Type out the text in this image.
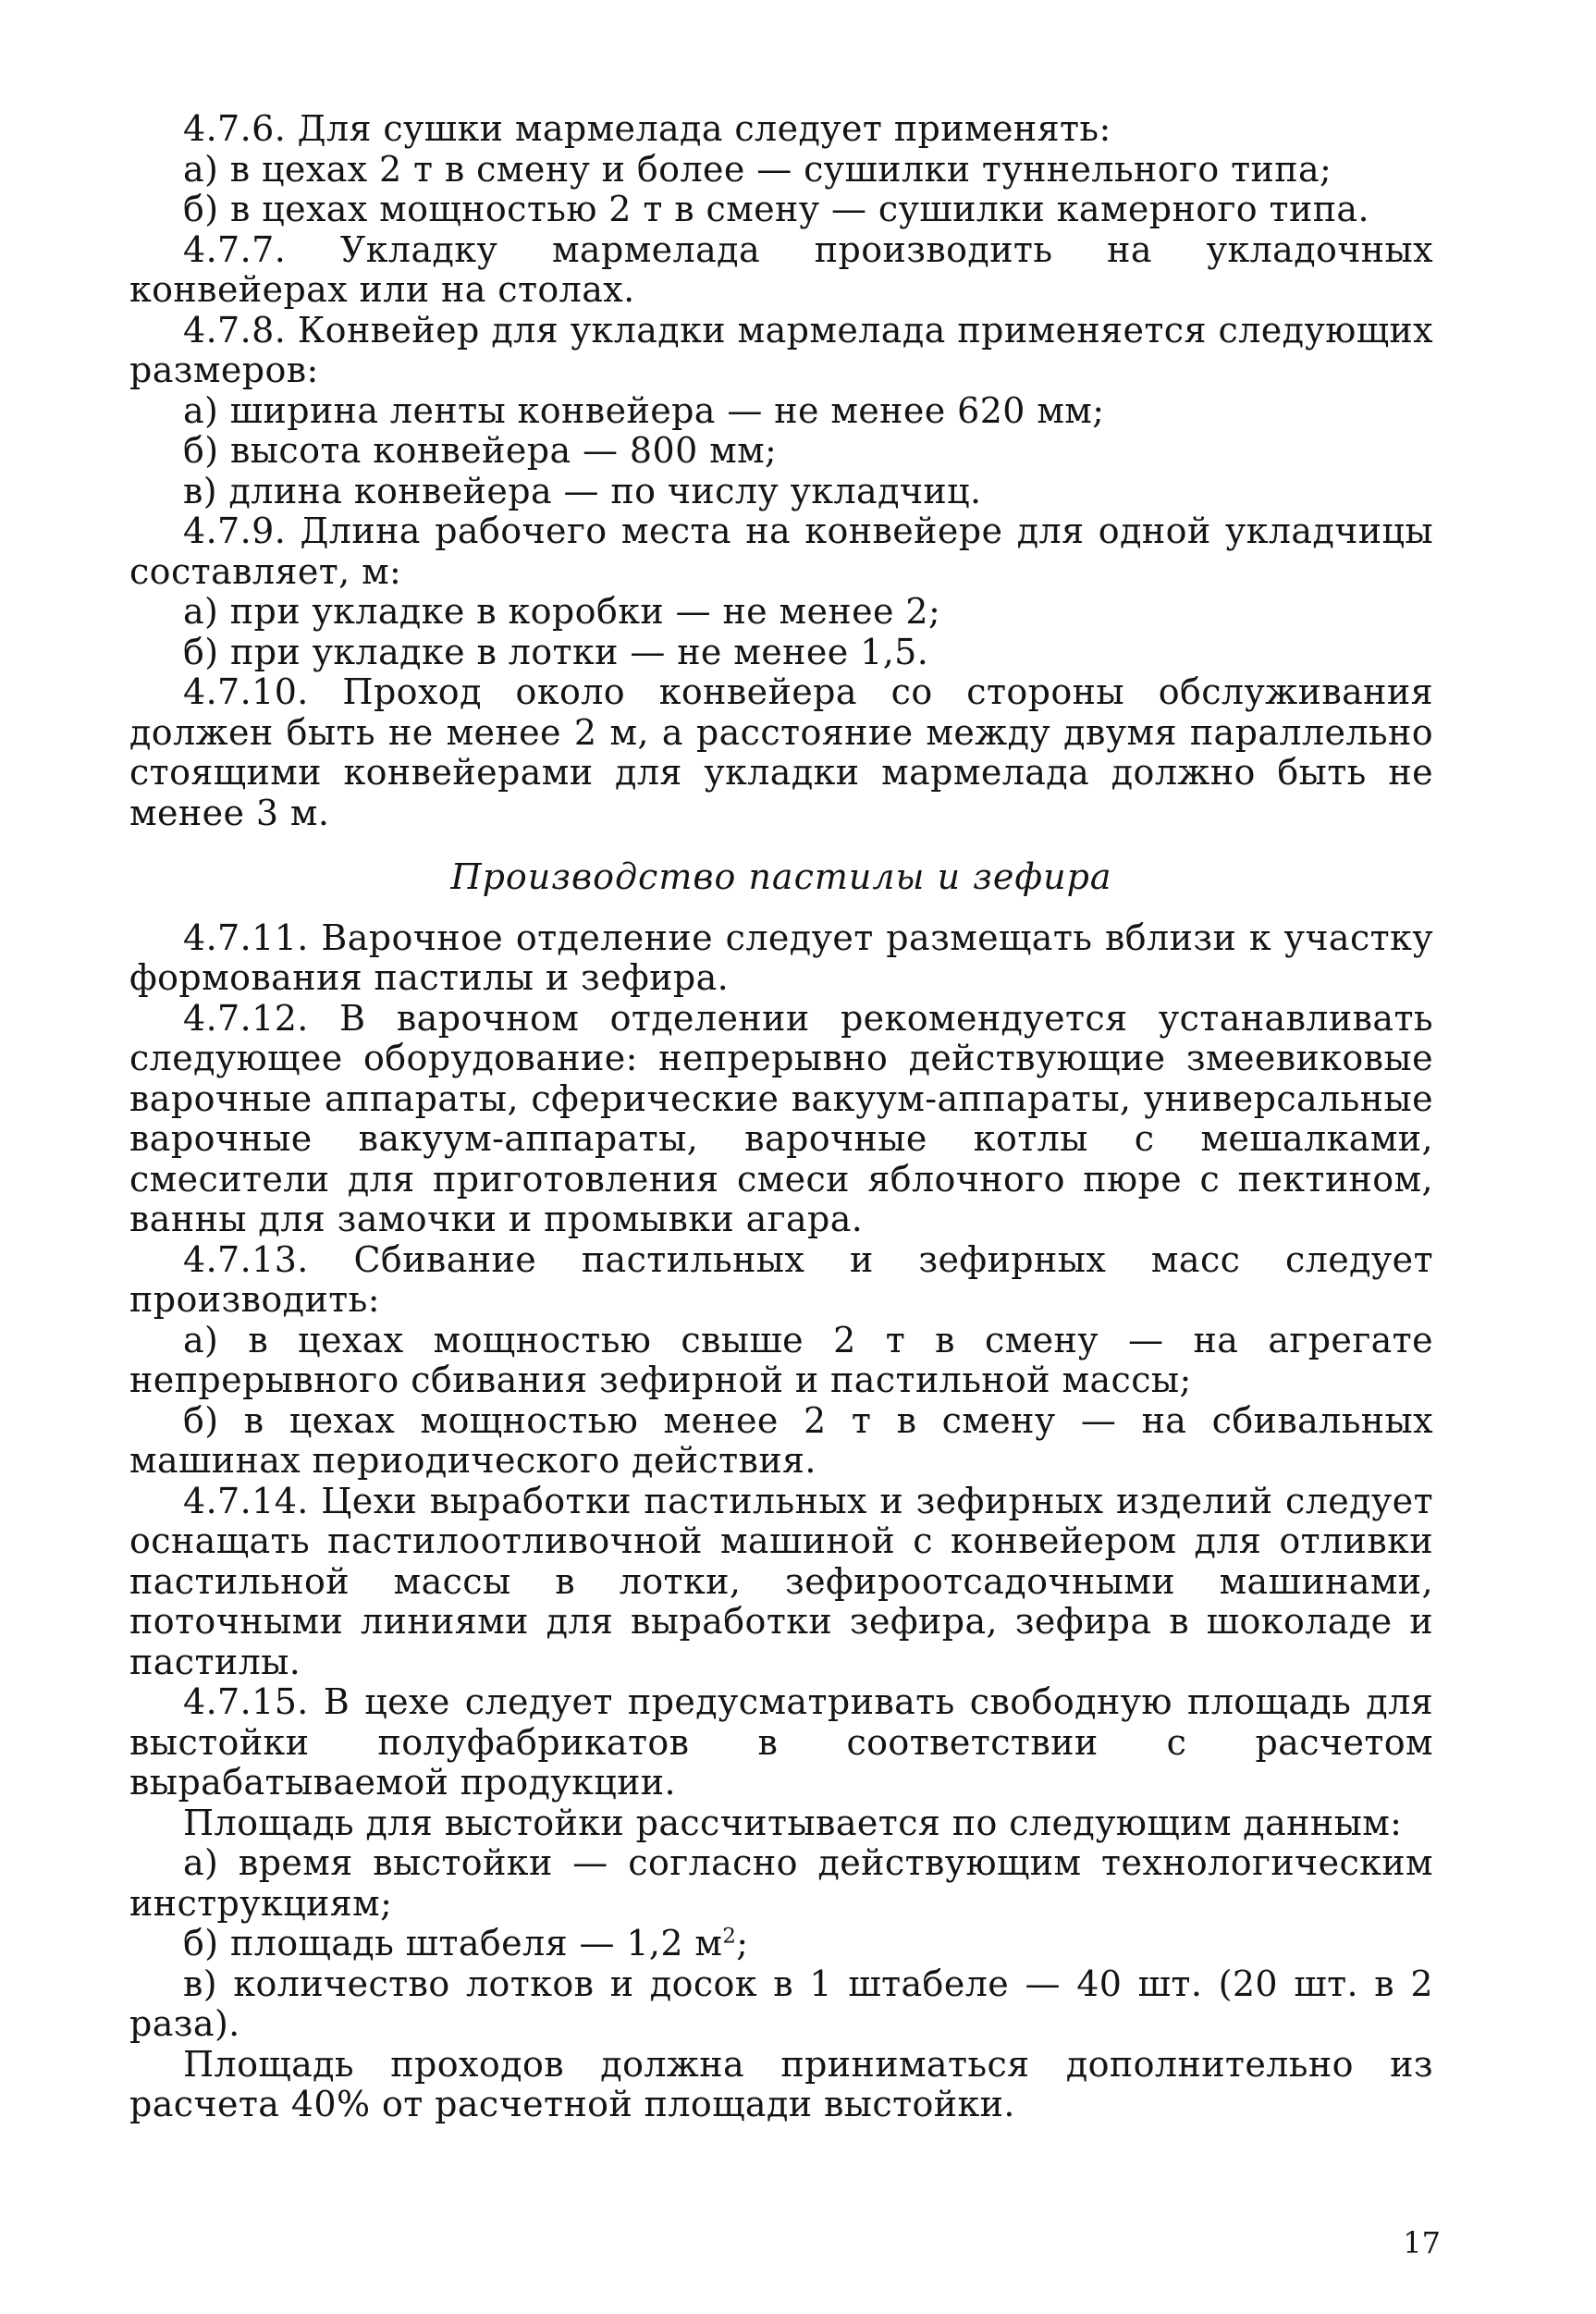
4.7.6. Для сушки мармелада следует применять:

а) в цехах 2 т в смену и более — сушилки туннельного типа;

б) в цехах мощностью 2 т в смену — сушилки камерного типа.

4.7.7. Укладку мармелада производить на укладочных конвейерах или на столах.

4.7.8. Конвейер для укладки мармелада применяется следующих размеров:

а) ширина ленты конвейера — не менее 620 мм;

б) высота конвейера — 800 мм;

в) длина конвейера — по числу укладчиц.

4.7.9. Длина рабочего места на конвейере для одной укладчицы составляет, м:

а) при укладке в коробки — не менее 2;

б) при укладке в лотки — не менее 1,5.

4.7.10. Проход около конвейера со стороны обслуживания должен быть не менее 2 м, а расстояние между двумя параллельно стоящими конвейерами для укладки мармелада должно быть не менее 3 м.

Производство пастилы и зефира

4.7.11. Варочное отделение следует размещать вблизи к участку формования пастилы и зефира.

4.7.12. В варочном отделении рекомендуется устанавливать следующее оборудование: непрерывно действующие змеевиковые варочные аппараты, сферические вакуум-аппараты, универсальные варочные вакуум-аппараты, варочные котлы с мешалками, смесители для приготовления смеси яблочного пюре с пектином, ванны для замочки и промывки агара.

4.7.13. Сбивание пастильных и зефирных масс следует производить:

а) в цехах мощностью свыше 2 т в смену — на агрегате непрерывного сбивания зефирной и пастильной массы;

б) в цехах мощностью менее 2 т в смену — на сбивальных машинах периодического действия.

4.7.14. Цехи выработки пастильных и зефирных изделий следует оснащать пастилоотливочной машиной с конвейером для отливки пастильной массы в лотки, зефироотсадочными машинами, поточными линиями для выработки зефира, зефира в шоколаде и пастилы.

4.7.15. В цехе следует предусматривать свободную площадь для выстойки полуфабрикатов в соответствии с расчетом вырабатываемой продукции.

Площадь для выстойки рассчитывается по следующим данным:

а) время выстойки — согласно действующим технологическим инструкциям;

б) площадь штабеля — 1,2 $м^2$;

в) количество лотков и досок в 1 штабеле — 40 шт. (20 шт. в 2 раза).

Площадь проходов должна приниматься дополнительно из расчета 40% от расчетной площади выстойки.

17
